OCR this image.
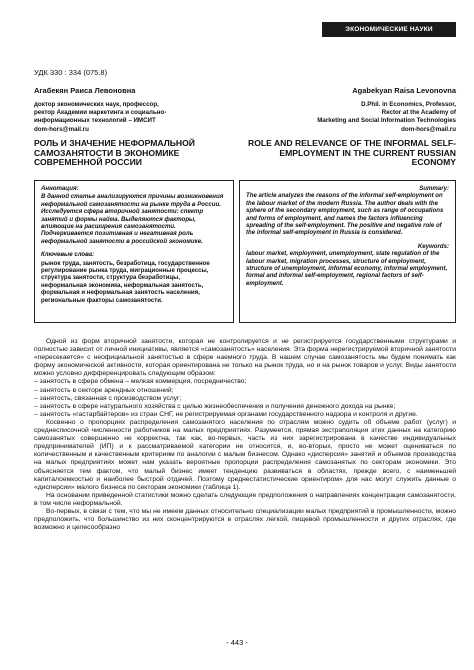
ЭКОНОМИЧЕСКИЕ НАУКИ
УДК 330 : 334 (075.8)
Агабекян Раиса Левоновна	Agabekyan Raisa Levonovna
доктор экономических наук, профессор,
ректор Академии маркетинга и социально-
информационных технологий – ИМСИТ
dom-hors@mail.ru
D.Phil. in Economics, Professor,
Rector at the Academy of
Marketing and Social Information Technologies
dom-hors@mail.ru
РОЛЬ И ЗНАЧЕНИЕ НЕФОРМАЛЬНОЙ САМОЗАНЯТОСТИ В ЭКОНОМИКЕ СОВРЕМЕННОЙ РОССИИ
ROLE AND RELEVANCE OF THE INFORMAL SELF-EMPLOYMENT IN THE CURRENT RUSSIAN ECONOMY
Аннотация:
В данной статье анализируются причины возникновения неформальной самозанятости на рынке труда в России. Исследуется сфера вторичной занятости: спектр занятий и формы найма. Выделяются факторы, влияющие на расширения самозанятости. Подчеркивается позитивная и негативная роль неформальной занятости в российской экономике.
Ключевые слова:
рынок труда, занятость, безработица, государственное регулирование рынка труда, миграционные процессы, структура занятости, структура безработицы, неформальная экономика, неформальная занятость, формальная и неформальная занятость населения, региональные факторы самозанятости.
Summary:
The article analyzes the reasons of the informal self-employment on the labour market of the modern Russia. The author deals with the sphere of the secondary employment, such as range of occupations and forms of employment, and names the factors influencing spreading of the self-employment. The positive and negative role of the informal self-employment in Russia is considered.
Keywords:
labour market, employment, unemployment, state regulation of the labour market, migration processes, structure of employment, structure of unemployment, informal economy, informal employment, formal and informal self-employment, regional factors of self-employment.

Одной из форм вторичной занятости, которая не контролируется и не регистрируется государственными структурами и полностью зависит от личной инициативы, является «самозанятость» населения. Эта форма нерегистрируемой вторичной занятости «пересекается» с неофициальной занятостью в сфере наемного труда. В нашем случае самозанятость мы будем понимать как форму экономической активности, которая ориентирована не только на рынок труда, но и на рынок товаров и услуг. Виды занятости можно условно дифференцировать следующим образом:

– занятость в сфере обмена – мелкая коммерция, посредничество;

– занятость в секторе арендных отношений;

– занятость, связанная с производством услуг;

– занятость в сфере натурального хозяйства с целью жизнеобеспечения и получения денежного дохода на рынке;

– занятость «гастарбайтеров» из стран СНГ, не регистрируемая органами государственного надзора и контроля и другие.

Косвенно о пропорциях распределения самозанятого населения по отраслям можно судить об объеме работ (услуг) и среднесписочной численности работников на малых предприятиях. Разумеется, прямая экстраполяция этих данных на категорию самозанятых совершенно не корректна, так как, во-первых, часть из них зарегистрирована в качестве индивидуальных предпринимателей (ИП) и к рассматриваемой категории не относится, и, во-вторых, просто не может оцениваться по количественным и качественным критериям по аналогии с малым бизнесом. Однако «дисперсия» занятий и объемов производства на малых предприятиях может нам указать вероятные пропорции распределения самозанятых по секторам экономики. Это объясняется тем фактом, что малый бизнес имеет тенденцию развиваться в областях, прежде всего, с наименьшей капиталоемкостью и наиболее быстрой отдачей. Поэтому среднестатистические ориентиром» для нас могут служить данные о «дисперсии» малого бизнеса по секторам экономики (таблица 1).

На основании приведенной статистики можно сделать следующие предположения о направлениях концентрации самозанятости, в том числе неформальной.

Во-первых, в связи с тем, что мы не имеем данных относительно специализации малых предприятий в промышленности, можно предположить, что большинство из них сконцентрируются в отраслях легкой, пищевой промышленности и других отраслях, где возможно и целесообразно

- 443 -
